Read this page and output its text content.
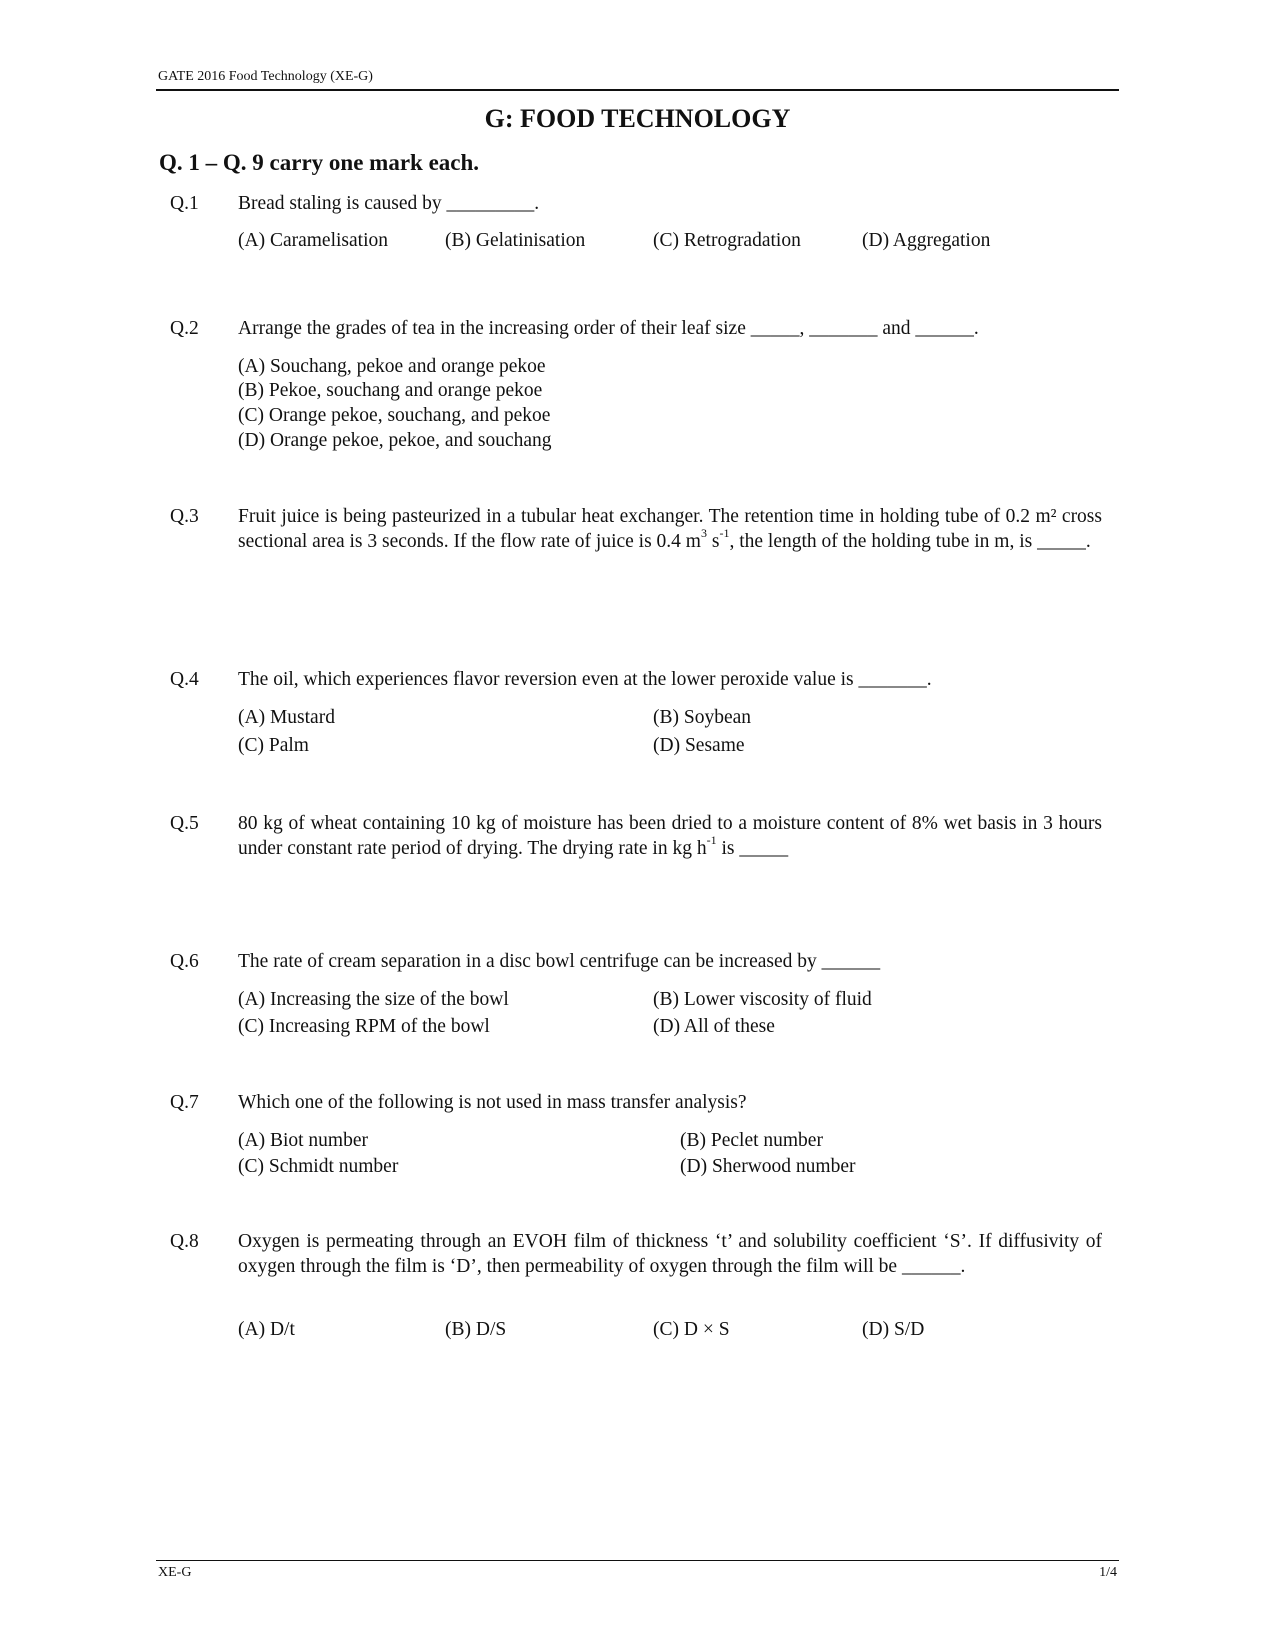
GATE 2016 Food Technology (XE-G)
G: FOOD TECHNOLOGY
Q. 1 – Q. 9 carry one mark each.
Q.1 Bread staling is caused by _________.
(A) Caramelisation	(B) Gelatinisation	(C) Retrogradation	(D) Aggregation
Q.2 Arrange the grades of tea in the increasing order of their leaf size _____, _______ and ______.
(A) Souchang, pekoe and orange pekoe
(B) Pekoe, souchang and orange pekoe
(C) Orange pekoe, souchang, and pekoe
(D) Orange pekoe, pekoe, and souchang
Q.3 Fruit juice is being pasteurized in a tubular heat exchanger. The retention time in holding tube of 0.2 m² cross sectional area is 3 seconds. If the flow rate of juice is 0.4 $m^3$ $s^{-1}$, the length of the holding tube in m, is _____.
Q.4 The oil, which experiences flavor reversion even at the lower peroxide value is _______.
(A) Mustard	(B) Soybean
(C) Palm	(D) Sesame
Q.5 80 kg of wheat containing 10 kg of moisture has been dried to a moisture content of 8% wet basis in 3 hours under constant rate period of drying. The drying rate in kg $h^{-1}$ is _____
Q.6 The rate of cream separation in a disc bowl centrifuge can be increased by ______
(A) Increasing the size of the bowl	(B) Lower viscosity of fluid
(C) Increasing RPM of the bowl	(D) All of these
Q.7 Which one of the following is not used in mass transfer analysis?
(A) Biot number	(B) Peclet number
(C) Schmidt number	(D) Sherwood number
Q.8 Oxygen is permeating through an EVOH film of thickness ‘t’ and solubility coefficient ‘S’. If diffusivity of oxygen through the film is ‘D’, then permeability of oxygen through the film will be ______.
(A) D/t	(B) D/S	(C) D × S	(D) S/D
XE-G	1/4
